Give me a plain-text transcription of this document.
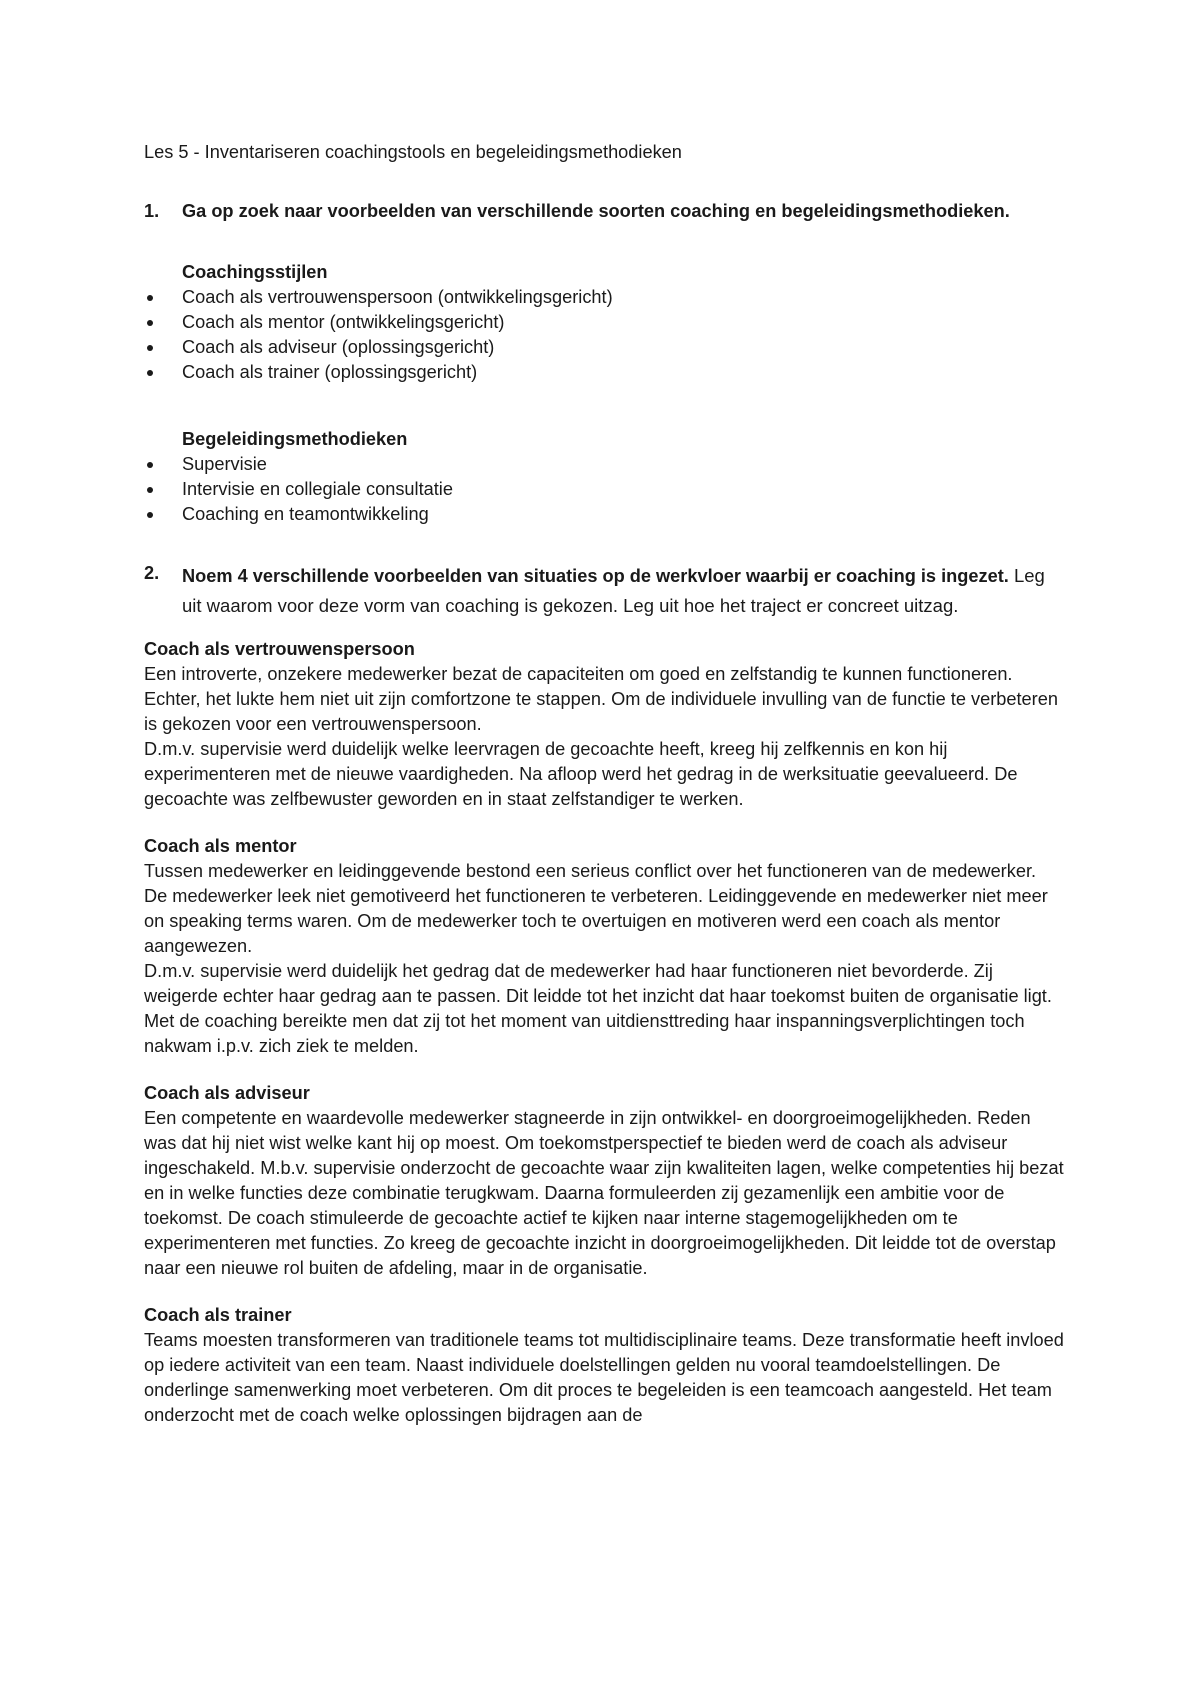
Les 5 - Inventariseren coachingstools en begeleidingsmethodieken

1.	Ga op zoek naar voorbeelden van verschillende soorten coaching en begeleidingsmethodieken.
Coachingsstijlen
Coach als vertrouwenspersoon (ontwikkelingsgericht)
Coach als mentor (ontwikkelingsgericht)
Coach als adviseur (oplossingsgericht)
Coach als trainer (oplossingsgericht)
Begeleidingsmethodieken
Supervisie
Intervisie en collegiale consultatie
Coaching en teamontwikkeling
2.	Noem 4 verschillende voorbeelden van situaties op de werkvloer waarbij er coaching is ingezet. Leg uit waarom voor deze vorm van coaching is gekozen. Leg uit hoe het traject er concreet uitzag.
Coach als vertrouwenspersoon

Een introverte, onzekere medewerker bezat de capaciteiten om goed en zelfstandig te kunnen functioneren. Echter, het lukte hem niet uit zijn comfortzone te stappen. Om de individuele invulling van de functie te verbeteren is gekozen voor een vertrouwenspersoon.

D.m.v. supervisie werd duidelijk welke leervragen de gecoachte heeft, kreeg hij zelfkennis en kon hij experimenteren met de nieuwe vaardigheden. Na afloop werd het gedrag in de werksituatie geevalueerd. De gecoachte was zelfbewuster geworden en in staat zelfstandiger te werken.

Coach als mentor

Tussen medewerker en leidinggevende bestond een serieus conflict over het functioneren van de medewerker. De medewerker leek niet gemotiveerd het functioneren te verbeteren. Leidinggevende en medewerker niet meer on speaking terms waren. Om de medewerker toch te overtuigen en motiveren werd een coach als mentor aangewezen.

D.m.v. supervisie werd duidelijk het gedrag dat de medewerker had haar functioneren niet bevorderde. Zij weigerde echter haar gedrag aan te passen. Dit leidde tot het inzicht dat haar toekomst buiten de organisatie ligt. Met de coaching bereikte men dat zij tot het moment van uitdiensttreding haar inspanningsverplichtingen toch nakwam i.p.v. zich ziek te melden.

Coach als adviseur

Een competente en waardevolle medewerker stagneerde in zijn ontwikkel- en doorgroeimogelijkheden. Reden was dat hij niet wist welke kant hij op moest. Om toekomstperspectief te bieden werd de coach als adviseur ingeschakeld. M.b.v. supervisie onderzocht de gecoachte waar zijn kwaliteiten lagen, welke competenties hij bezat en in welke functies deze combinatie terugkwam. Daarna formuleerden zij gezamenlijk een ambitie voor de toekomst. De coach stimuleerde de gecoachte actief te kijken naar interne stagemogelijkheden om te experimenteren met functies. Zo kreeg de gecoachte inzicht in doorgroeimogelijkheden. Dit leidde tot de overstap naar een nieuwe rol buiten de afdeling, maar in de organisatie.

Coach als trainer

Teams moesten transformeren van traditionele teams tot multidisciplinaire teams. Deze transformatie heeft invloed op iedere activiteit van een team. Naast individuele doelstellingen gelden nu vooral teamdoelstellingen. De onderlinge samenwerking moet verbeteren. Om dit proces te begeleiden is een teamcoach aangesteld. Het team onderzocht met de coach welke oplossingen bijdragen aan de
